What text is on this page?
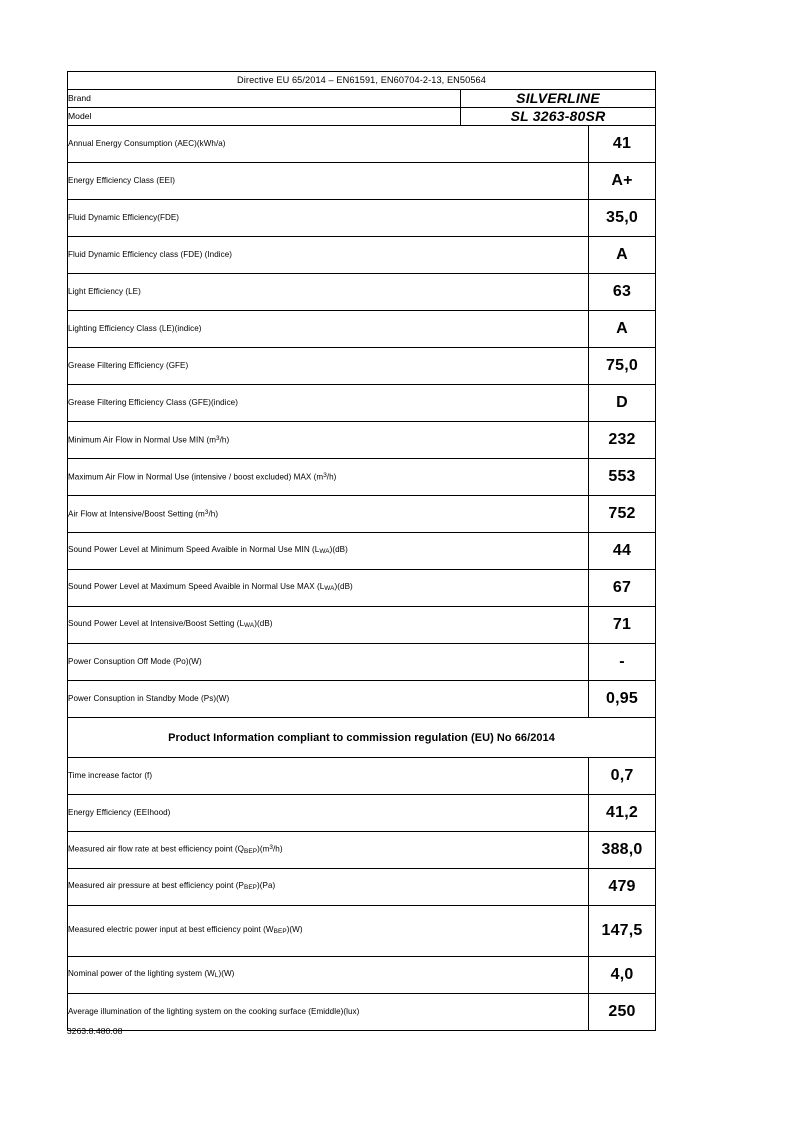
Directive EU 65/2014 – EN61591, EN60704-2-13, EN50564		
Brand	SILVERLINE	
Model	SL 3263-80SR	
Annual Energy Consumption (AEC)(kWh/a)		41
Energy Efficiency Class (EEI)		A+
Fluid Dynamic Efficiency(FDE)		35,0
Fluid Dynamic Efficiency class (FDE) (Indice)		A
Light Efficiency (LE)		63
Lighting Efficiency Class (LE)(indice)		A
Grease Filtering Efficiency (GFE)		75,0
Grease Filtering Efficiency Class (GFE)(indice)		D
Minimum Air Flow in Normal Use MIN $(m^3/h)$		232
Maximum Air Flow in Normal Use (intensive / boost excluded) MAX $(m^3/h)$		553
Air Flow at Intensive/Boost Setting $(m^3/h)$		752
Sound Power Level at Minimum Speed Avaible in Normal Use MIN (LWA)(dB)		44
Sound Power Level at Maximum Speed Avaible in Normal Use MAX (LWA)(dB)		67
Sound Power Level at Intensive/Boost Setting (LWA)(dB)		71
Power Consuption Off Mode (Po)(W)		-
Power Consuption in Standby Mode (Ps)(W)		0,95
Product Information compliant to commission regulation (EU) No 66/2014		
Time increase factor (f)		0,7
Energy Efficiency (EEIhood)		41,2
Measured air flow rate at best efficiency point $(QBEP)(m^3/h)$		388,0
Measured air pressure at best efficiency point (PBEP)(Pa)		479
Measured electric power input at best efficiency point (WBEP)(W)		147,5
Nominal power of the lighting system (WL)(W)		4,0
Average illumination of the lighting system on the cooking surface (Emiddle)(lux)		250
3263.8.480.08
